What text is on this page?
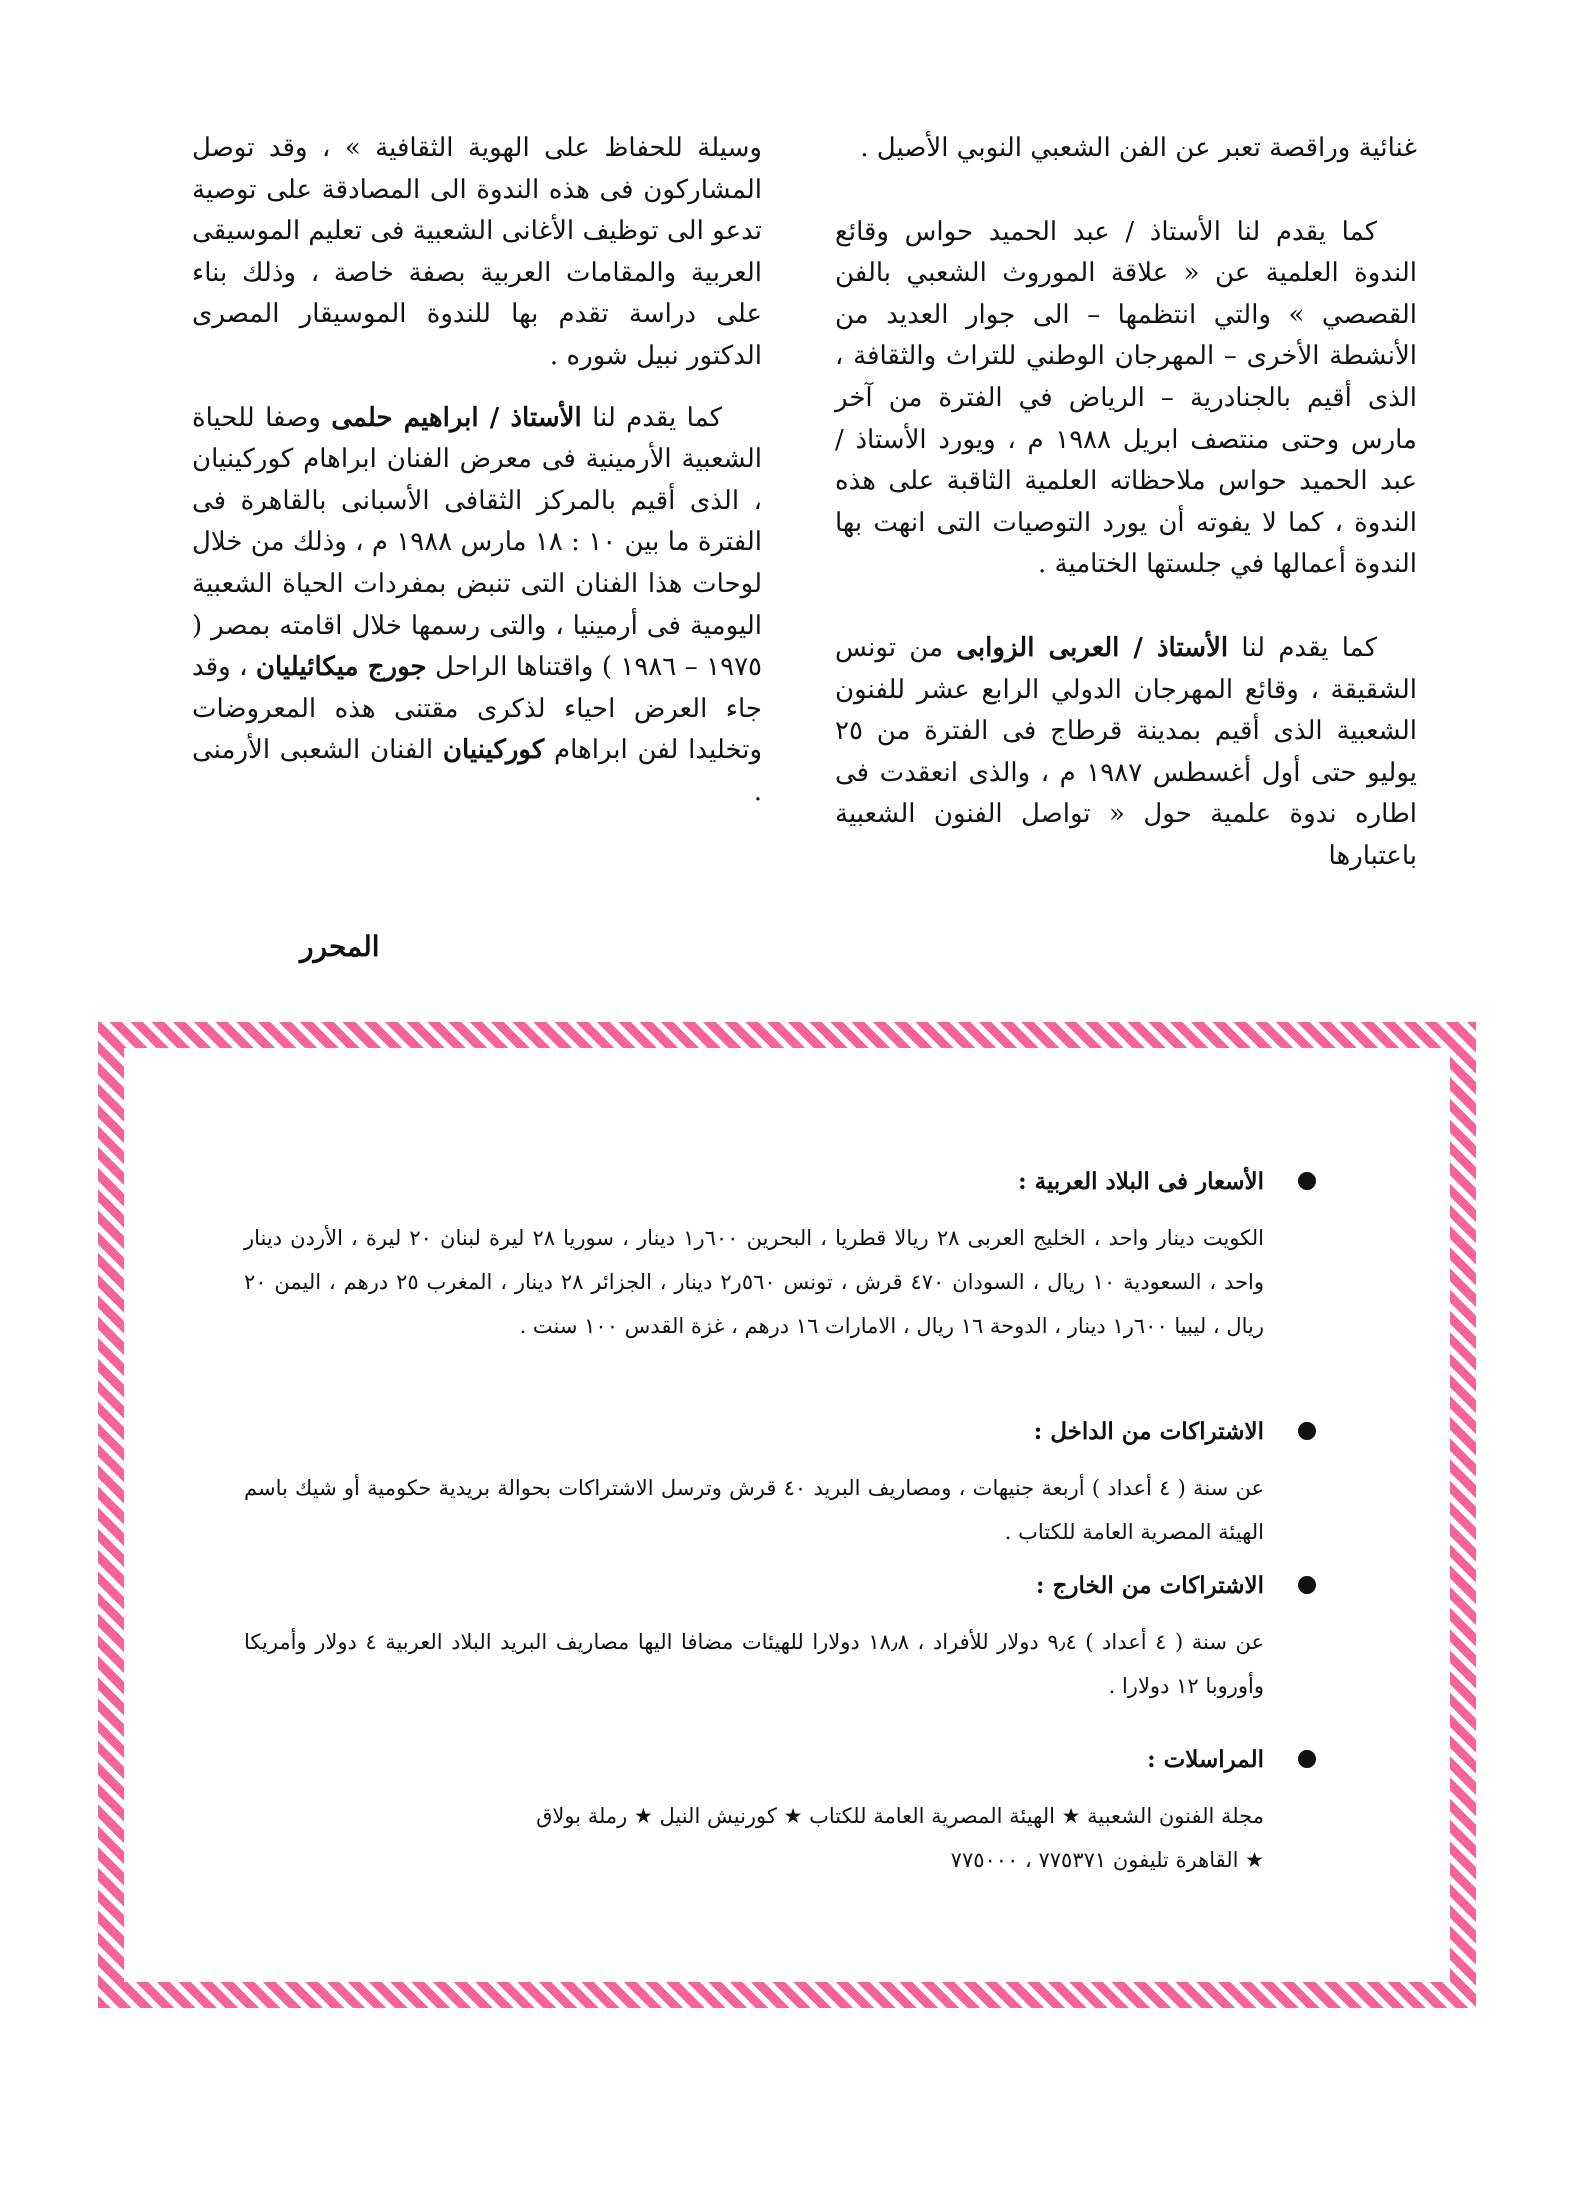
غنائية وراقصة تعبر عن الفن الشعبي النوبي الأصيل .

كما يقدم لنا الأستاذ / عبد الحميد حواس وقائع الندوة العلمية عن « علاقة الموروث الشعبي بالفن القصصي » والتي انتظمها – الى جوار العديد من الأنشطة الأخرى – المهرجان الوطني للتراث والثقافة ، الذى أقيم بالجنادرية – الرياض في الفترة من آخر مارس وحتى منتصف ابريل ١٩٨٨ م ، ويورد الأستاذ / عبد الحميد حواس ملاحظاته العلمية الثاقبة على هذه الندوة ، كما لا يفوته أن يورد التوصيات التى انهت بها الندوة أعمالها في جلستها الختامية .

كما يقدم لنا الأستاذ / العربى الزوابى من تونس الشقيقة ، وقائع المهرجان الدولي الرابع عشر للفنون الشعبية الذى أقيم بمدينة قرطاج فى الفترة من ٢٥ يوليو حتى أول أغسطس ١٩٨٧ م ، والذى انعقدت فى اطاره ندوة علمية حول « تواصل الفنون الشعبية باعتبارها

وسيلة للحفاظ على الهوية الثقافية » ، وقد توصل المشاركون فى هذه الندوة الى المصادقة على توصية تدعو الى توظيف الأغانى الشعبية فى تعليم الموسيقى العربية والمقامات العربية بصفة خاصة ، وذلك بناء على دراسة تقدم بها للندوة الموسيقار المصرى الدكتور نبيل شوره .

كما يقدم لنا الأستاذ / ابراهيم حلمى وصفا للحياة الشعبية الأرمينية فى معرض الفنان ابراهام كوركينيان ، الذى أقيم بالمركز الثقافى الأسبانى بالقاهرة فى الفترة ما بين ١٠ : ١٨ مارس ١٩٨٨ م ، وذلك من خلال لوحات هذا الفنان التى تنبض بمفردات الحياة الشعبية اليومية فى أرمينيا ، والتى رسمها خلال اقامته بمصر ( ١٩٧٥ – ١٩٨٦ ) واقتناها الراحل جورج ميكائيليان ، وقد جاء العرض احياء لذكرى مقتنى هذه المعروضات وتخليدا لفن ابراهام كوركينيان الفنان الشعبى الأرمنى .

المحرر

الأسعار فى البلاد العربية :

الكويت دينار واحد ، الخليج العربى ٢٨ ريالا قطريا ، البحرين ٦٠٠ر١ دينار ، سوريا ٢٨ ليرة لبنان ٢٠ ليرة ، الأردن دينار واحد ، السعودية ١٠ ريال ، السودان ٤٧٠ قرش ، تونس ٥٦٠ر٢ دينار ، الجزائر ٢٨ دينار ، المغرب ٢٥ درهم ، اليمن ٢٠ ريال ، ليبيا ٦٠٠ر١ دينار ، الدوحة ١٦ ريال ، الامارات ١٦ درهم ، غزة القدس ١٠٠ سنت .

الاشتراكات من الداخل :

عن سنة ( ٤ أعداد ) أربعة جنيهات ، ومصاريف البريد ٤٠ قرش وترسل الاشتراكات بحوالة بريدية حكومية أو شيك باسم الهيئة المصرية العامة للكتاب .

الاشتراكات من الخارج :

عن سنة ( ٤ أعداد ) ٩٫٤ دولار للأفراد ، ١٨٫٨ دولارا للهيئات مضافا اليها مصاريف البريد البلاد العربية ٤ دولار وأمريكا وأوروبا ١٢ دولارا .

المراسلات :

مجلة الفنون الشعبية ★ الهيئة المصرية العامة للكتاب ★ كورنيش النيل ★ رملة بولاق

★ القاهرة تليفون ٧٧٥٣٧١ ، ٧٧٥٠٠٠
